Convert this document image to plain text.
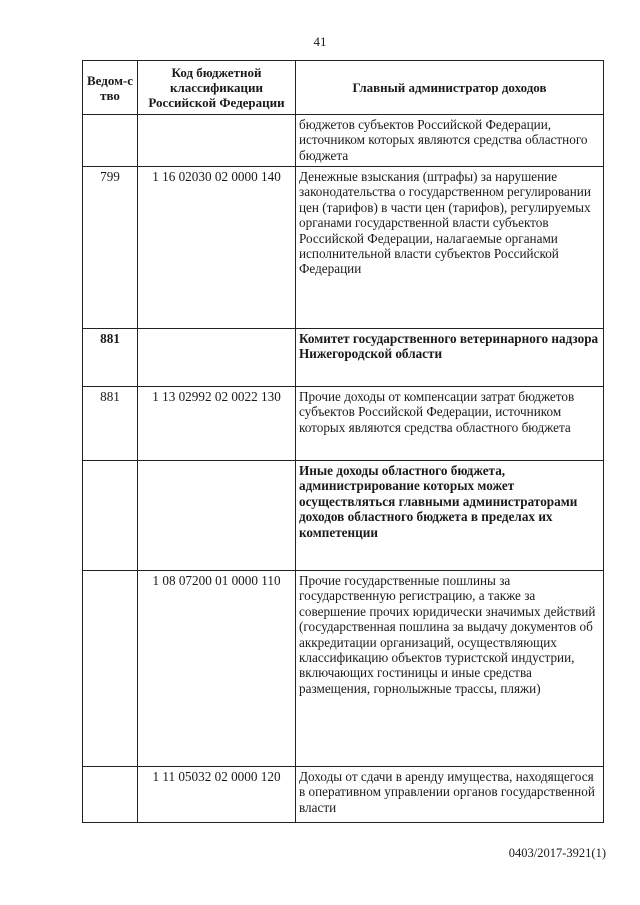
41
Ведом-ство	Код бюджетной классификации Российской Федерации	Главный администратор доходов
		бюджетов субъектов Российской Федерации, источником которых являются средства областного бюджета
799	1 16 02030 02 0000 140	Денежные взыскания (штрафы) за нарушение законодательства о государственном регулировании цен (тарифов) в части цен (тарифов), регулируемых органами государственной власти субъектов Российской Федерации, налагаемые органами исполнительной власти субъектов Российской Федерации
881		Комитет государственного ветеринарного надзора Нижегородской области
881	1 13 02992 02 0022 130	Прочие доходы от компенсации затрат бюджетов субъектов Российской Федерации, источником которых являются средства областного бюджета
		Иные доходы областного бюджета, администрирование которых может осуществляться главными администраторами доходов областного бюджета в пределах их компетенции
	1 08 07200 01 0000 110	Прочие государственные пошлины за государственную регистрацию, а также за совершение прочих юридически значимых действий (государственная пошлина за выдачу документов об аккредитации организаций, осуществляющих классификацию объектов туристской индустрии, включающих гостиницы и иные средства размещения, горнолыжные трассы, пляжи)
	1 11 05032 02 0000 120	Доходы от сдачи в аренду имущества, находящегося в оперативном управлении органов государственной власти
0403/2017-3921(1)
